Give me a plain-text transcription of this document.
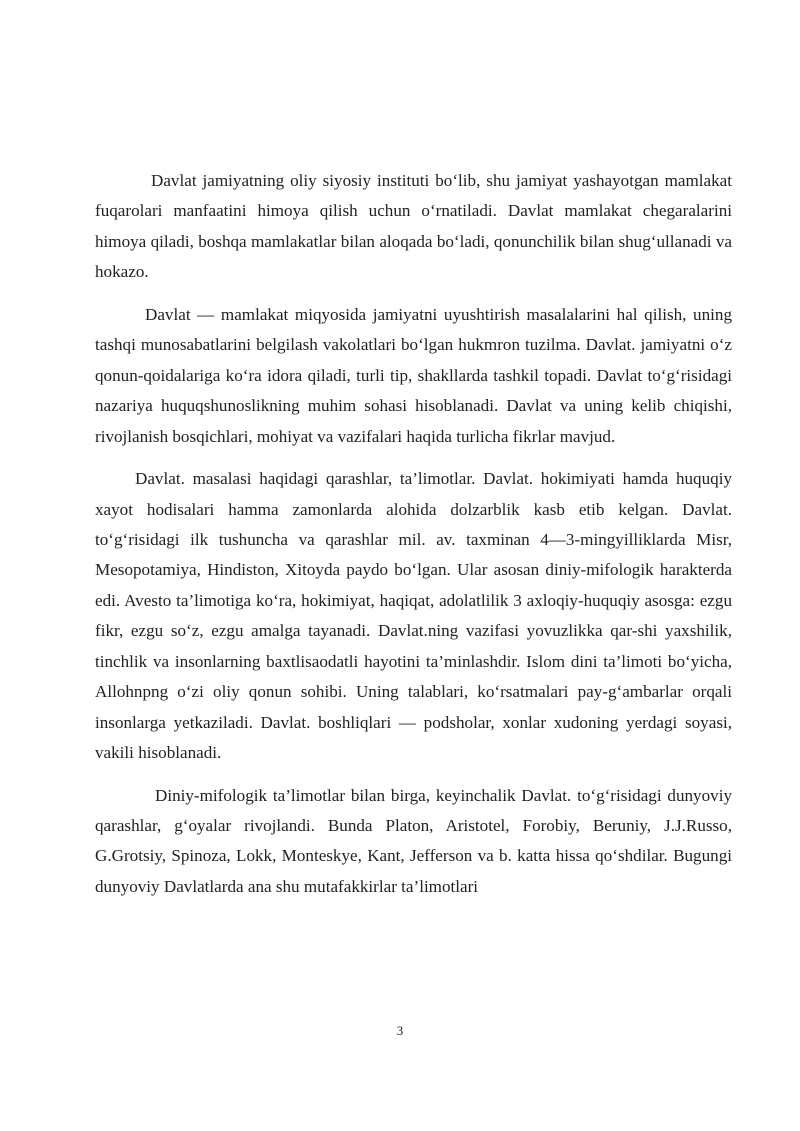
Davlat jamiyatning oliy siyosiy instituti boʻlib, shu jamiyat yashayotgan mamlakat fuqarolari manfaatini himoya qilish uchun oʻrnatiladi. Davlat mamlakat chegaralarini himoya qiladi, boshqa mamlakatlar bilan aloqada boʻladi, qonunchilik bilan shugʻullanadi va hokazo.

Davlat — mamlakat miqyosida jamiyatni uyushtirish masalalarini hal qilish, uning tashqi munosabatlarini belgilash vakolatlari boʻlgan hukmron tuzilma. Davlat. jamiyatni oʻz qonun-qoidalariga koʻra idora qiladi, turli tip, shakllarda tashkil topadi. Davlat toʻgʻrisidagi nazariya huquqshunoslikning muhim sohasi hisoblanadi. Davlat va uning kelib chiqishi, rivojlanish bosqichlari, mohiyat va vazifalari haqida turlicha fikrlar mavjud.

Davlat. masalasi haqidagi qarashlar, ta’limotlar. Davlat. hokimiyati hamda huquqiy xayot hodisalari hamma zamonlarda alohida dolzarblik kasb etib kelgan. Davlat. toʻgʻrisidagi ilk tushuncha va qarashlar mil. av. taxminan 4—3-mingyilliklarda Misr, Mesopotamiya, Hindiston, Xitoyda paydo boʻlgan. Ular asosan diniy-mifologik harakterda edi. Avesto ta’limotiga koʻra, hokimiyat, haqiqat, adolatlilik 3 axloqiy-huquqiy asosga: ezgu fikr, ezgu soʻz, ezgu amalga tayanadi. Davlat.ning vazifasi yovuzlikka qar-shi yaxshilik, tinchlik va insonlarning baxtlisaodatli hayotini ta’minlashdir. Islom dini ta’limoti boʻyicha, Allohnpng oʻzi oliy qonun sohibi. Uning talablari, koʻrsatmalari pay-gʻambarlar orqali insonlarga yetkaziladi. Davlat. boshliqlari — podsholar, xonlar xudoning yerdagi soyasi, vakili hisoblanadi.

Diniy-mifologik ta’limotlar bilan birga, keyinchalik Davlat. toʻgʻrisidagi dunyoviy qarashlar, gʻoyalar rivojlandi. Bunda Platon, Aristotel, Forobiy, Beruniy, J.J.Russo, G.Grotsiy, Spinoza, Lokk, Monteskye, Kant, Jefferson va b. katta hissa qoʻshdilar. Bugungi dunyoviy Davlatlarda ana shu mutafakkirlar ta’limotlari

3
